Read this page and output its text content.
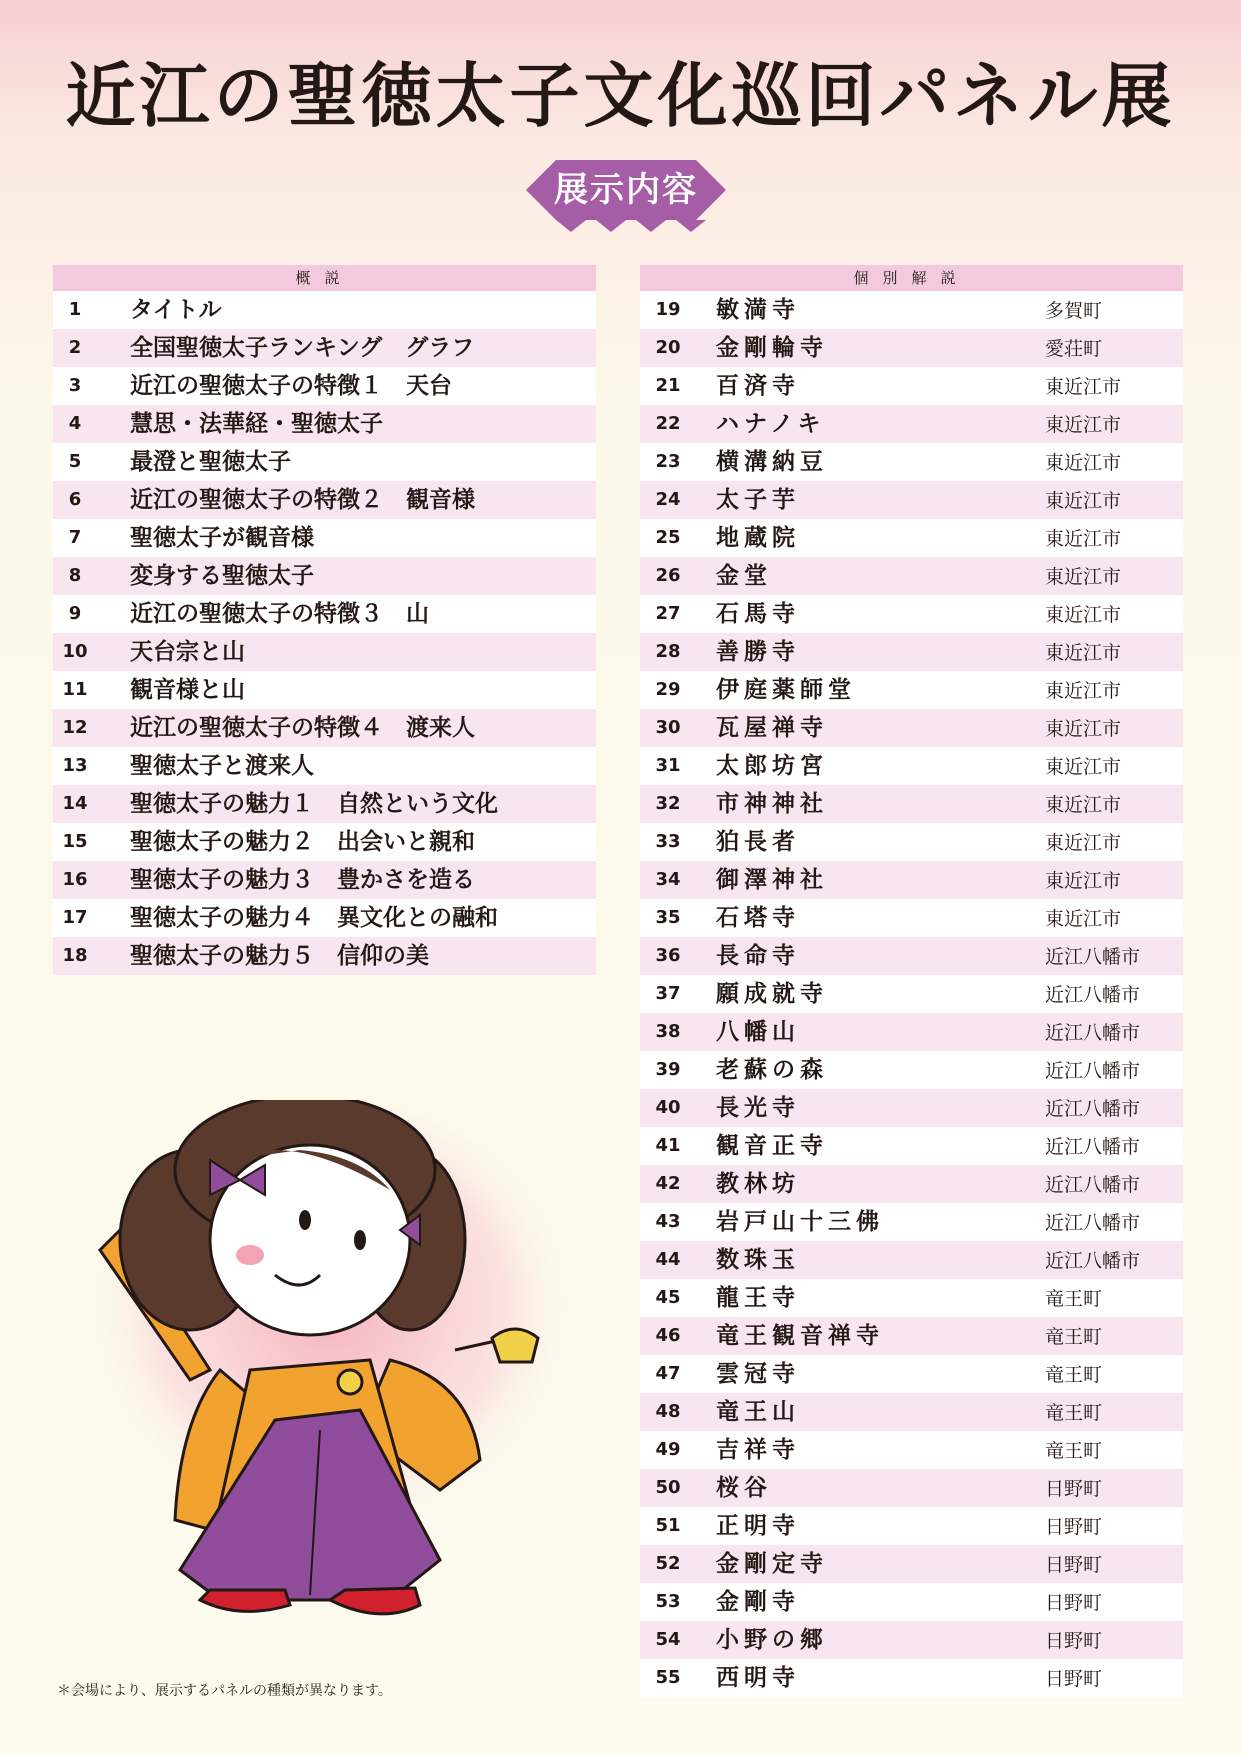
近江の聖徳太子文化巡回パネル展
展示内容
概説
1	タイトル
2	全国聖徳太子ランキング　グラフ
3	近江の聖徳太子の特徴１　天台
4	慧思・法華経・聖徳太子
5	最澄と聖徳太子
6	近江の聖徳太子の特徴２　観音様
7	聖徳太子が観音様
8	変身する聖徳太子
9	近江の聖徳太子の特徴３　山
10	天台宗と山
11	観音様と山
12	近江の聖徳太子の特徴４　渡来人
13	聖徳太子と渡来人
14	聖徳太子の魅力１　自然という文化
15	聖徳太子の魅力２　出会いと親和
16	聖徳太子の魅力３　豊かさを造る
17	聖徳太子の魅力４　異文化との融和
18	聖徳太子の魅力５　信仰の美
個別解説
19	敏満寺	多賀町
20	金剛輪寺	愛荘町
21	百済寺	東近江市
22	ハナノキ	東近江市
23	横溝納豆	東近江市
24	太子芋	東近江市
25	地蔵院	東近江市
26	金堂	東近江市
27	石馬寺	東近江市
28	善勝寺	東近江市
29	伊庭薬師堂	東近江市
30	瓦屋禅寺	東近江市
31	太郎坊宮	東近江市
32	市神神社	東近江市
33	狛長者	東近江市
34	御澤神社	東近江市
35	石塔寺	東近江市
36	長命寺	近江八幡市
37	願成就寺	近江八幡市
38	八幡山	近江八幡市
39	老蘇の森	近江八幡市
40	長光寺	近江八幡市
41	観音正寺	近江八幡市
42	教林坊	近江八幡市
43	岩戸山十三佛	近江八幡市
44	数珠玉	近江八幡市
45	龍王寺	竜王町
46	竜王観音禅寺	竜王町
47	雲冠寺	竜王町
48	竜王山	竜王町
49	吉祥寺	竜王町
50	桜谷	日野町
51	正明寺	日野町
52	金剛定寺	日野町
53	金剛寺	日野町
54	小野の郷	日野町
55	西明寺	日野町
＊会場により、展示するパネルの種類が異なります。
